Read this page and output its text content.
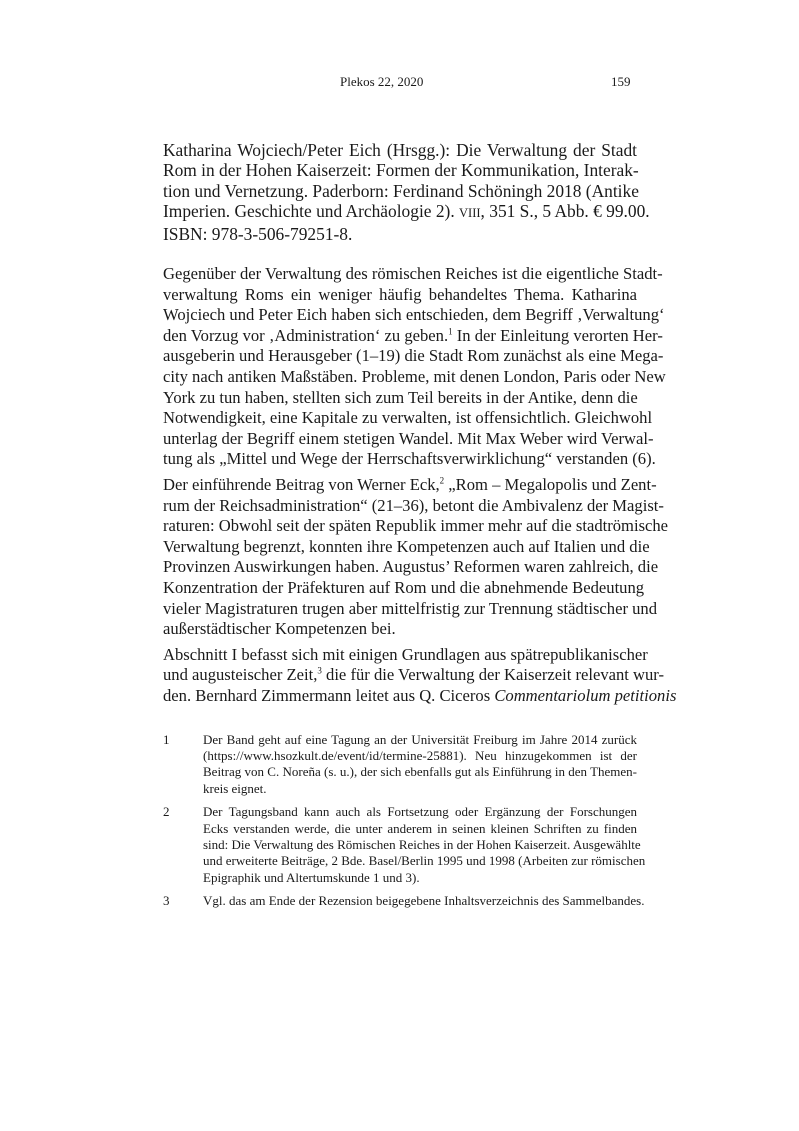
Plekos 22, 2020	159
Katharina Wojciech/Peter Eich (Hrsgg.): Die Verwaltung der Stadt
Rom in der Hohen Kaiserzeit: Formen der Kommunikation, Interak-
tion und Vernetzung. Paderborn: Ferdinand Schöningh 2018 (Antike
Imperien. Geschichte und Archäologie 2). VIII, 351 S., 5 Abb. € 99.00.
ISBN: 978-3-506-79251-8.
Gegenüber der Verwaltung des römischen Reiches ist die eigentliche Stadt-
verwaltung Roms ein weniger häufig behandeltes Thema. Katharina
Wojciech und Peter Eich haben sich entschieden, dem Begriff ‚Verwaltung‘
den Vorzug vor ‚Administration‘ zu geben.$^1$ In der Einleitung verorten Her-
ausgeberin und Herausgeber (1–19) die Stadt Rom zunächst als eine Mega-
city nach antiken Maßstäben. Probleme, mit denen London, Paris oder New
York zu tun haben, stellten sich zum Teil bereits in der Antike, denn die
Notwendigkeit, eine Kapitale zu verwalten, ist offensichtlich. Gleichwohl
unterlag der Begriff einem stetigen Wandel. Mit Max Weber wird Verwal-
tung als „Mittel und Wege der Herrschaftsverwirklichung“ verstanden (6).
Der einführende Beitrag von Werner Eck,$^2$ „Rom – Megalopolis und Zent-
rum der Reichsadministration“ (21–36), betont die Ambivalenz der Magist-
raturen: Obwohl seit der späten Republik immer mehr auf die stadtrömische
Verwaltung begrenzt, konnten ihre Kompetenzen auch auf Italien und die
Provinzen Auswirkungen haben. Augustus’ Reformen waren zahlreich, die
Konzentration der Präfekturen auf Rom und die abnehmende Bedeutung
vieler Magistraturen trugen aber mittelfristig zur Trennung städtischer und
außerstädtischer Kompetenzen bei.
Abschnitt I befasst sich mit einigen Grundlagen aus spätrepublikanischer
und augusteischer Zeit,$^3$ die für die Verwaltung der Kaiserzeit relevant wur-
den. Bernhard Zimmermann leitet aus Q. Ciceros Commentariolum petitionis
1	Der Band geht auf eine Tagung an der Universität Freiburg im Jahre 2014 zurück
(https://www.hsozkult.de/event/id/termine-25881). Neu hinzugekommen ist der
Beitrag von C. Noreña (s. u.), der sich ebenfalls gut als Einführung in den Themen-
kreis eignet.
2	Der Tagungsband kann auch als Fortsetzung oder Ergänzung der Forschungen
Ecks verstanden werde, die unter anderem in seinen kleinen Schriften zu finden
sind: Die Verwaltung des Römischen Reiches in der Hohen Kaiserzeit. Ausgewählte
und erweiterte Beiträge, 2 Bde. Basel/Berlin 1995 und 1998 (Arbeiten zur römischen
Epigraphik und Altertumskunde 1 und 3).
3	Vgl. das am Ende der Rezension beigegebene Inhaltsverzeichnis des Sammelbandes.
